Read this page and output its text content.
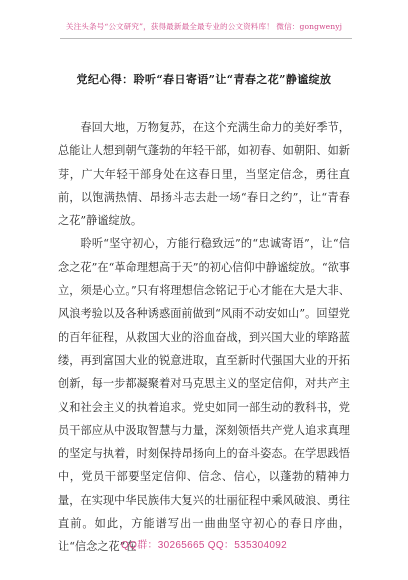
关注头条号“公文研究”，获得最新最全最专业的公文资料库！ 微信：gongwenyj
党纪心得：聆听“春日寄语”让“青春之花”静谧绽放

春回大地，万物复苏，在这个充满生命力的美好季节，总能让人想到朝气蓬勃的年轻干部，如初春、如朝阳、如新芽，广大年轻干部身处在这春日里，当坚定信念，勇往直前，以饱满热情、昂扬斗志去赴一场“春日之约”，让“青春之花”静谧绽放。

聆听“坚守初心，方能行稳致远”的“忠诚寄语”，让“信念之花”在“革命理想高于天”的初心信仰中静谧绽放。“欲事立，须是心立。”只有将理想信念铭记于心才能在大是大非、风浪考验以及各种诱惑面前做到“风雨不动安如山”。回望党的百年征程，从救国大业的浴血奋战，到兴国大业的筚路蓝缕，再到富国大业的锐意进取，直至新时代强国大业的开拓创新，每一步都凝聚着对马克思主义的坚定信仰，对共产主义和社会主义的执着追求。党史如同一部生动的教科书，党员干部应从中汲取智慧与力量，深刻领悟共产党人追求真理的坚定与执着，时刻保持昂扬向上的奋斗姿态。在学思践悟中，党员干部要坚定信仰、信念、信心，以蓬勃的精神力量，在实现中华民族伟大复兴的壮丽征程中乘风破浪、勇往直前。如此，方能谱写出一曲曲坚守初心的春日序曲，让“信念之花”在

QQ群：30265665 QQ：535304092
